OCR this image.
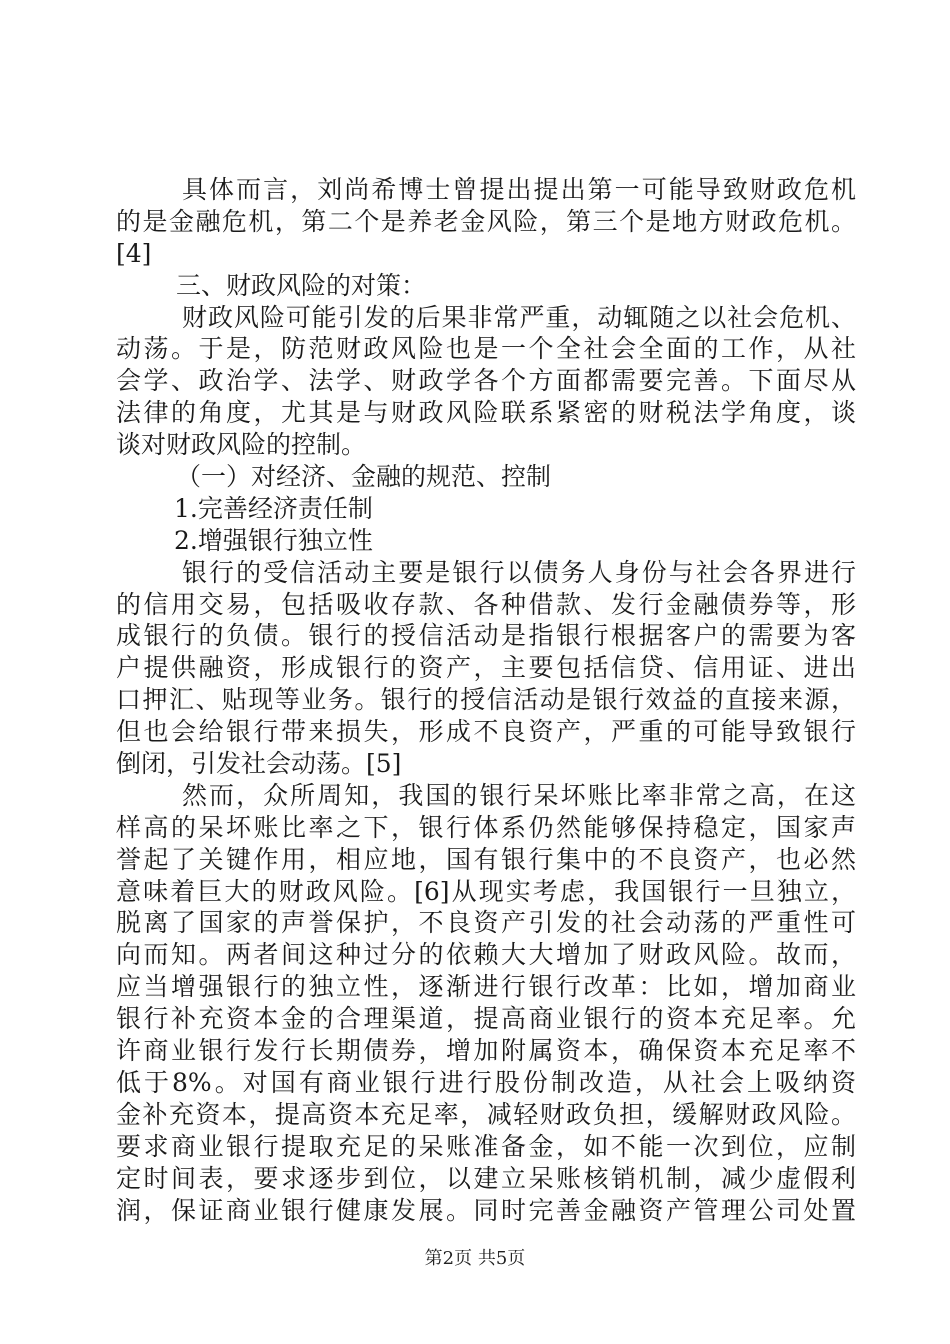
具体而言，刘尚希博士曾提出提出第一可能导致财政危机
的是金融危机，第二个是养老金风险，第三个是地方财政危机。
[4]
三、财政风险的对策：
财政风险可能引发的后果非常严重，动辄随之以社会危机、
动荡。于是，防范财政风险也是一个全社会全面的工作，从社
会学、政治学、法学、财政学各个方面都需要完善。下面尽从
法律的角度，尤其是与财政风险联系紧密的财税法学角度，谈
谈对财政风险的控制。
（一）对经济、金融的规范、控制
1.完善经济责任制
2.增强银行独立性
银行的受信活动主要是银行以债务人身份与社会各界进行
的信用交易，包括吸收存款、各种借款、发行金融债券等，形
成银行的负债。银行的授信活动是指银行根据客户的需要为客
户提供融资，形成银行的资产，主要包括信贷、信用证、进出
口押汇、贴现等业务。银行的授信活动是银行效益的直接来源，
但也会给银行带来损失，形成不良资产，严重的可能导致银行
倒闭，引发社会动荡。[5]
然而，众所周知，我国的银行呆坏账比率非常之高，在这
样高的呆坏账比率之下，银行体系仍然能够保持稳定，国家声
誉起了关键作用，相应地，国有银行集中的不良资产，也必然
意味着巨大的财政风险。[6]从现实考虑，我国银行一旦独立，
脱离了国家的声誉保护，不良资产引发的社会动荡的严重性可
向而知。两者间这种过分的依赖大大增加了财政风险。故而，
应当增强银行的独立性，逐渐进行银行改革：比如，增加商业
银行补充资本金的合理渠道，提高商业银行的资本充足率。允
许商业银行发行长期债券，增加附属资本，确保资本充足率不
低于8%。对国有商业银行进行股份制改造，从社会上吸纳资
金补充资本，提高资本充足率，减轻财政负担，缓解财政风险。
要求商业银行提取充足的呆账准备金，如不能一次到位，应制
定时间表，要求逐步到位，以建立呆账核销机制，减少虚假利
润，保证商业银行健康发展。同时完善金融资产管理公司处置
第2页 共5页
